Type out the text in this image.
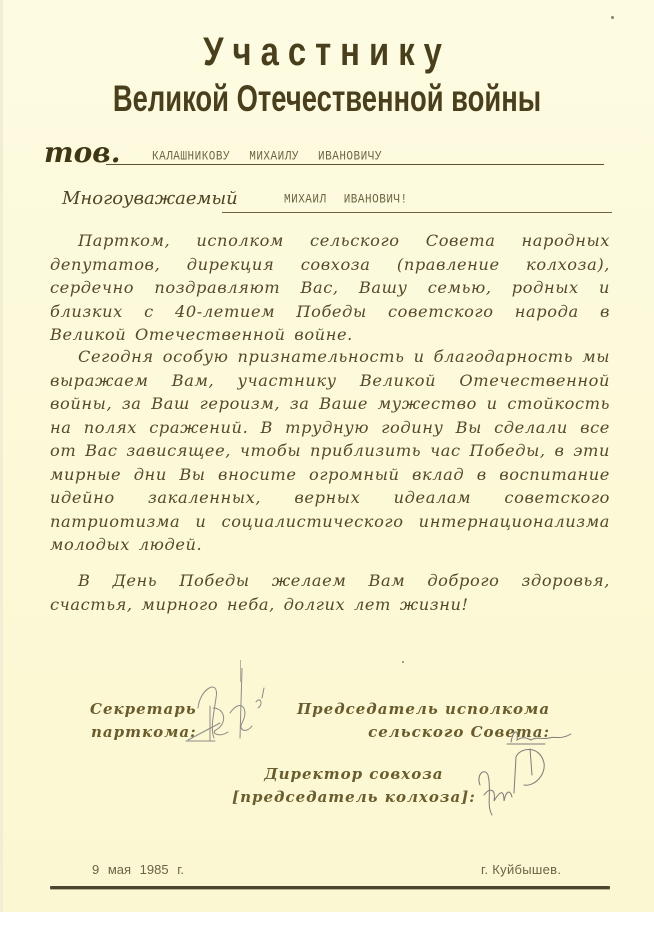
Участнику
Великой Отечественной войны
тов.	КАЛАШНИКОВУ МИХАИЛУ ИВАНОВИЧУ
Многоуважаемый	МИХАИЛ ИВАНОВИЧ!

Партком, исполком сельского Совета народных депутатов, дирекция совхоза (правление колхоза), сердечно поздравляют Вас, Вашу семью, родных и близких с 40-летием Победы советского народа в Великой Отечественной войне.

Сегодня особую признательность и благодарность мы выражаем Вам, участнику Великой Отечественной войны, за Ваш героизм, за Ваше мужество и стойкость на полях сражений. В трудную годину Вы сделали все от Вас зависящее, чтобы приблизить час Победы, в эти мирные дни Вы вносите огромный вклад в воспитание идейно закаленных, верных идеалам советского патриотизма и социалистического интернационализма молодых людей.

В День Победы желаем Вам доброго здоровья, счастья, мирного неба, долгих лет жизни!

Секретарь
парткома:
Председатель исполкома
сельского Совета:
Директор совхоза
[председатель колхоза]:
9 мая 1985 г.	г. Куйбышев.
